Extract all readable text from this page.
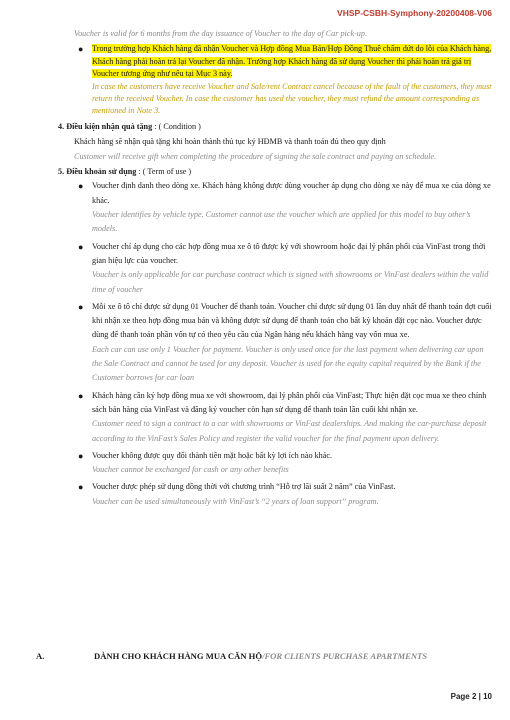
VHSP-CSBH-Symphony-20200408-V06

Voucher is valid for 6 months from the day issuance of Voucher to the day of Car pick-up.

● Trong trường hợp Khách hàng đã nhận Voucher và Hợp đồng Mua Bán/Hợp Đồng Thuê chấm dứt do lỗi của Khách hàng, Khách hàng phải hoàn trả lại Voucher đã nhận. Trường hợp Khách hàng đã sử dụng Voucher thì phải hoàn trả giá trị Voucher tương ứng như nêu tại Mục 3 này.
In case the customers have receive Voucher and Sale/rent Contract cancel because of the fault of the customers, they must return the received Voucher. In case the customer has used the voucher, they must refund the amount corresponding as mentioned in Note 3.
4. Điều kiện nhận quà tặng : ( Condition )

Khách hàng sẽ nhận quà tặng khi hoàn thành thủ tục ký HĐMB và thanh toán đủ theo quy định

Customer will receive gift when completing the procedure of signing the sale contract and paying on schedule.

5. Điều khoản sử dụng : ( Term of use )
● Voucher định danh theo dòng xe. Khách hàng không được dùng voucher áp dụng cho dòng xe này để mua xe của dòng xe khác.

Voucher identifies by vehicle type. Customer cannot use the voucher which are applied for this model to buy other’s models.

● Voucher chỉ áp dụng cho các hợp đồng mua xe ô tô được ký với showroom hoặc đại lý phân phối của VinFast trong thời gian hiệu lực của voucher.

Voucher is only applicable for car purchase contract which is signed with showrooms or VinFast dealers within the valid time of voucher

● Mỗi xe ô tô chỉ được sử dụng 01 Voucher để thanh toán. Voucher chỉ được sử dụng 01 lần duy nhất để thanh toán đợt cuối khi nhận xe theo hợp đồng mua bán và không được sử dụng để thanh toán cho bất kỳ khoản đặt cọc nào. Voucher được dùng để thanh toán phần vốn tự có theo yêu cầu của Ngân hàng nếu khách hàng vay vốn mua xe.

Each car can use only 1 Voucher for payment. Voucher is only used once for the last payment when delivering car upon the Sale Contract and cannot be used for any deposit. Voucher is used for the equity capital required by the Bank if the Customer borrows for car loan

● Khách hàng cần ký hợp đồng mua xe với showroom, đại lý phân phối của VinFast; Thực hiện đặt cọc mua xe theo chính sách bán hàng của VinFast và đăng ký voucher còn hạn sử dụng để thanh toán lần cuối khi nhận xe.

Customer need to sign a contract to a car with showrooms or VinFast dealerships. And making the car-purchase deposit according to the VinFast’s Sales Policy and register the valid voucher for the final payment upon delivery.

● Voucher không được quy đổi thành tiền mặt hoặc bất kỳ lợi ích nào khác.

Voucher cannot be exchanged for cash or any other benefits

● Voucher được phép sử dụng đồng thời với chương trình “Hỗ trợ lãi suất 2 năm” của VinFast.

Voucher can be used simultaneously with VinFast’s “2 years of loan support” program.

A.	DÀNH CHO KHÁCH HÀNG MUA CĂN HỘ/FOR CLIENTS PURCHASE APARTMENTS
Page 2 | 10
